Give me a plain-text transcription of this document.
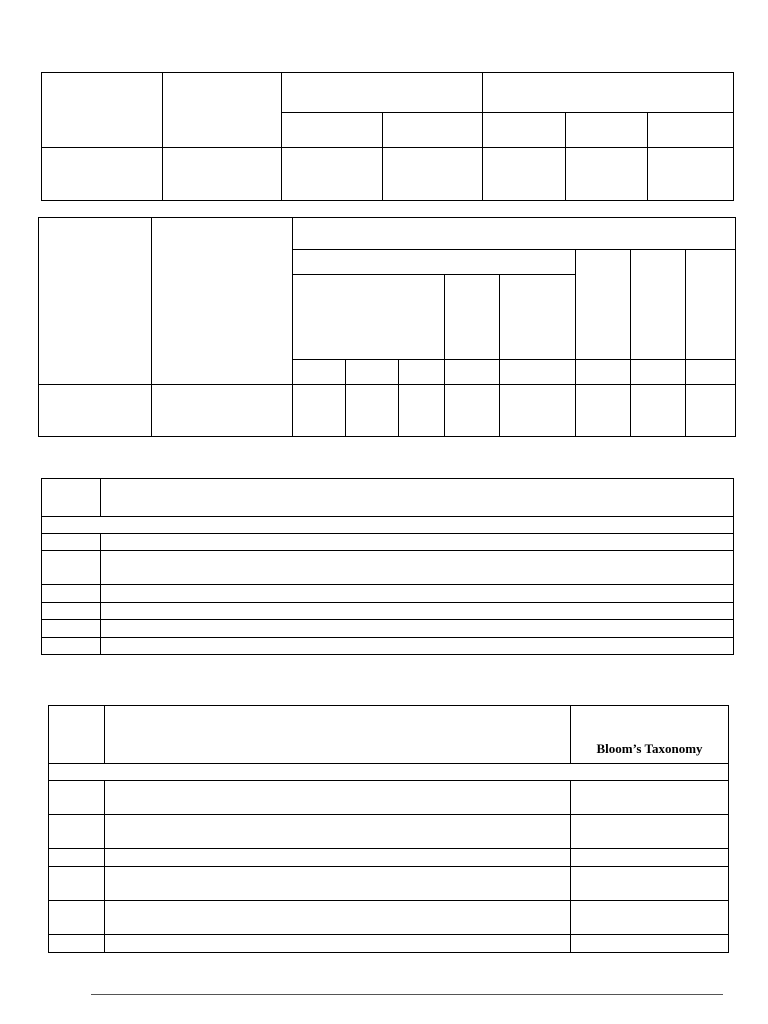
Bloom’s Taxonomy
